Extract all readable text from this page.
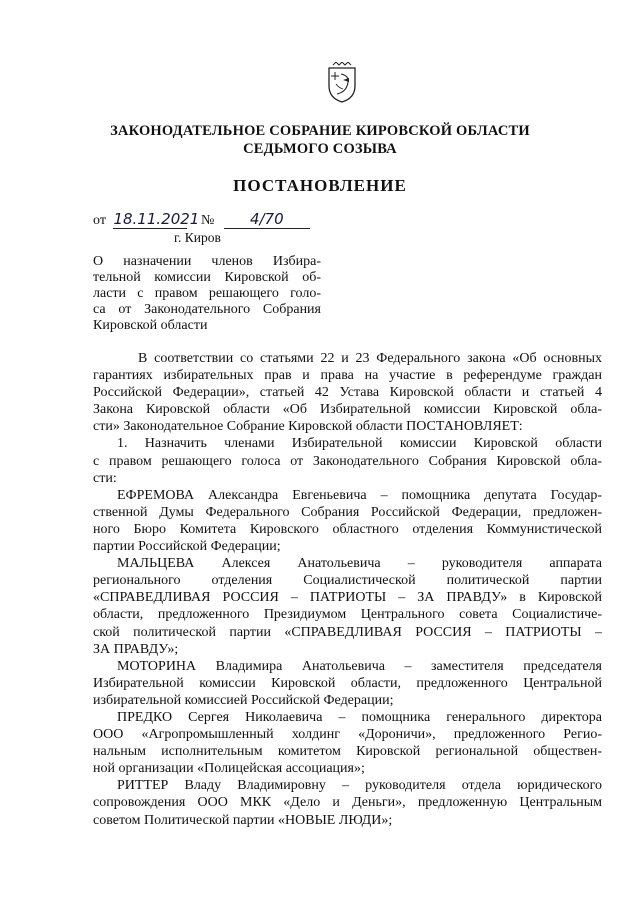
ЗАКОНОДАТЕЛЬНОЕ СОБРАНИЕ КИРОВСКОЙ ОБЛАСТИ
СЕДЬМОГО СОЗЫВА
ПОСТАНОВЛЕНИЕ
от 18.11.2021 № 4/70
г. Киров
О назначении членов Избира-
тельной комиссии Кировской об-
ласти с правом решающего голо-
са от Законодательного Собрания
Кировской области
В соответствии со статьями 22 и 23 Федерального закона «Об основных
гарантиях избирательных прав и права на участие в референдуме граждан
Российской Федерации», статьей 42 Устава Кировской области и статьей 4
Закона Кировской области «Об Избирательной комиссии Кировской обла-
сти» Законодательное Собрание Кировской области ПОСТАНОВЛЯЕТ:
1. Назначить членами Избирательной комиссии Кировской области
с правом решающего голоса от Законодательного Собрания Кировской обла-
сти:
ЕФРЕМОВА Александра Евгеньевича – помощника депутата Государ-
ственной Думы Федерального Собрания Российской Федерации, предложен-
ного Бюро Комитета Кировского областного отделения Коммунистической
партии Российской Федерации;
МАЛЬЦЕВА Алексея Анатольевича – руководителя аппарата
регионального отделения Социалистической политической партии
«СПРАВЕДЛИВАЯ РОССИЯ – ПАТРИОТЫ – ЗА ПРАВДУ» в Кировской
области, предложенного Президиумом Центрального совета Социалистиче-
ской политической партии «СПРАВЕДЛИВАЯ РОССИЯ – ПАТРИОТЫ –
ЗА ПРАВДУ»;
МОТОРИНА Владимира Анатольевича – заместителя председателя
Избирательной комиссии Кировской области, предложенного Центральной
избирательной комиссией Российской Федерации;
ПРЕДКО Сергея Николаевича – помощника генерального директора
ООО «Агропромышленный холдинг «Дороничи», предложенного Регио-
нальным исполнительным комитетом Кировской региональной обществен-
ной организации «Полицейская ассоциация»;
РИТТЕР Владу Владимировну – руководителя отдела юридического
сопровождения ООО МКК «Дело и Деньги», предложенную Центральным
советом Политической партии «НОВЫЕ ЛЮДИ»;
